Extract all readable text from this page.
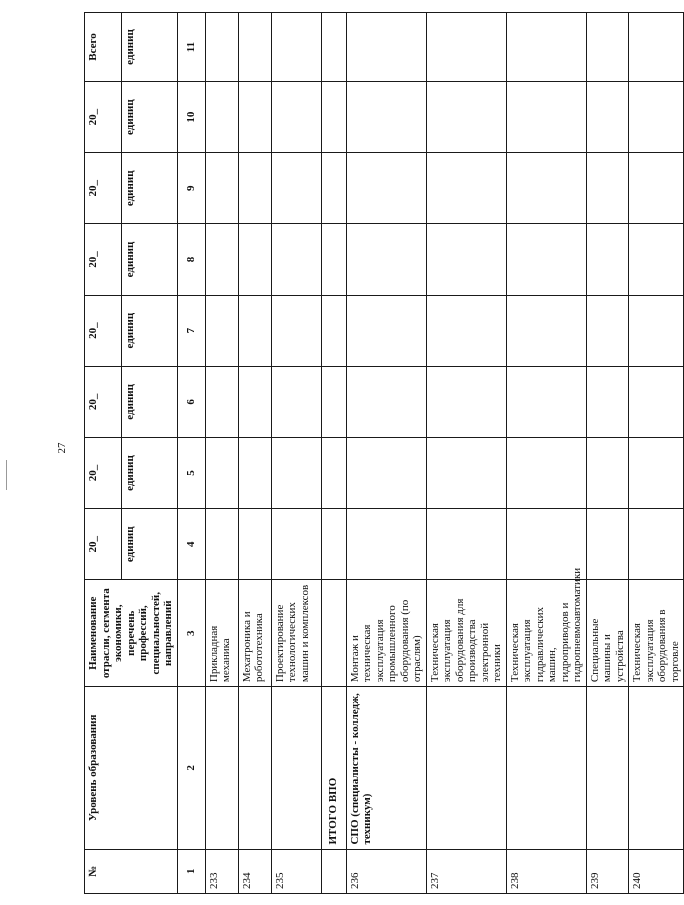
27
№	Уровень образования	Наименование отрасли, сегмента экономики, перечень профессий, специальностей, направлений	20_	20_	20_	20_	20_	20_	20_	Всего
			единиц	единиц	единиц	единиц	единиц	единиц	единиц	единиц
1	2	3	4	5	6	7	8	9	10	11
233		Прикладная механика								
234		Мехатроника и робототехника								
235		Проектирование технологических машин и комплексов								
	ИТОГО ВПО									
236	СПО (специалисты - колледж, техникум)	Монтаж и техническая эксплуатация промышленного оборудования (по отраслям)								
237		Техническая эксплуатация оборудования для производства электронной техники								
238		Техническая эксплуатация гидравлических машин, гидроприводов и гидропневмоавтоматики								
239		Специальные машины и устройства								
240		Техническая эксплуатация оборудования в торговле								
